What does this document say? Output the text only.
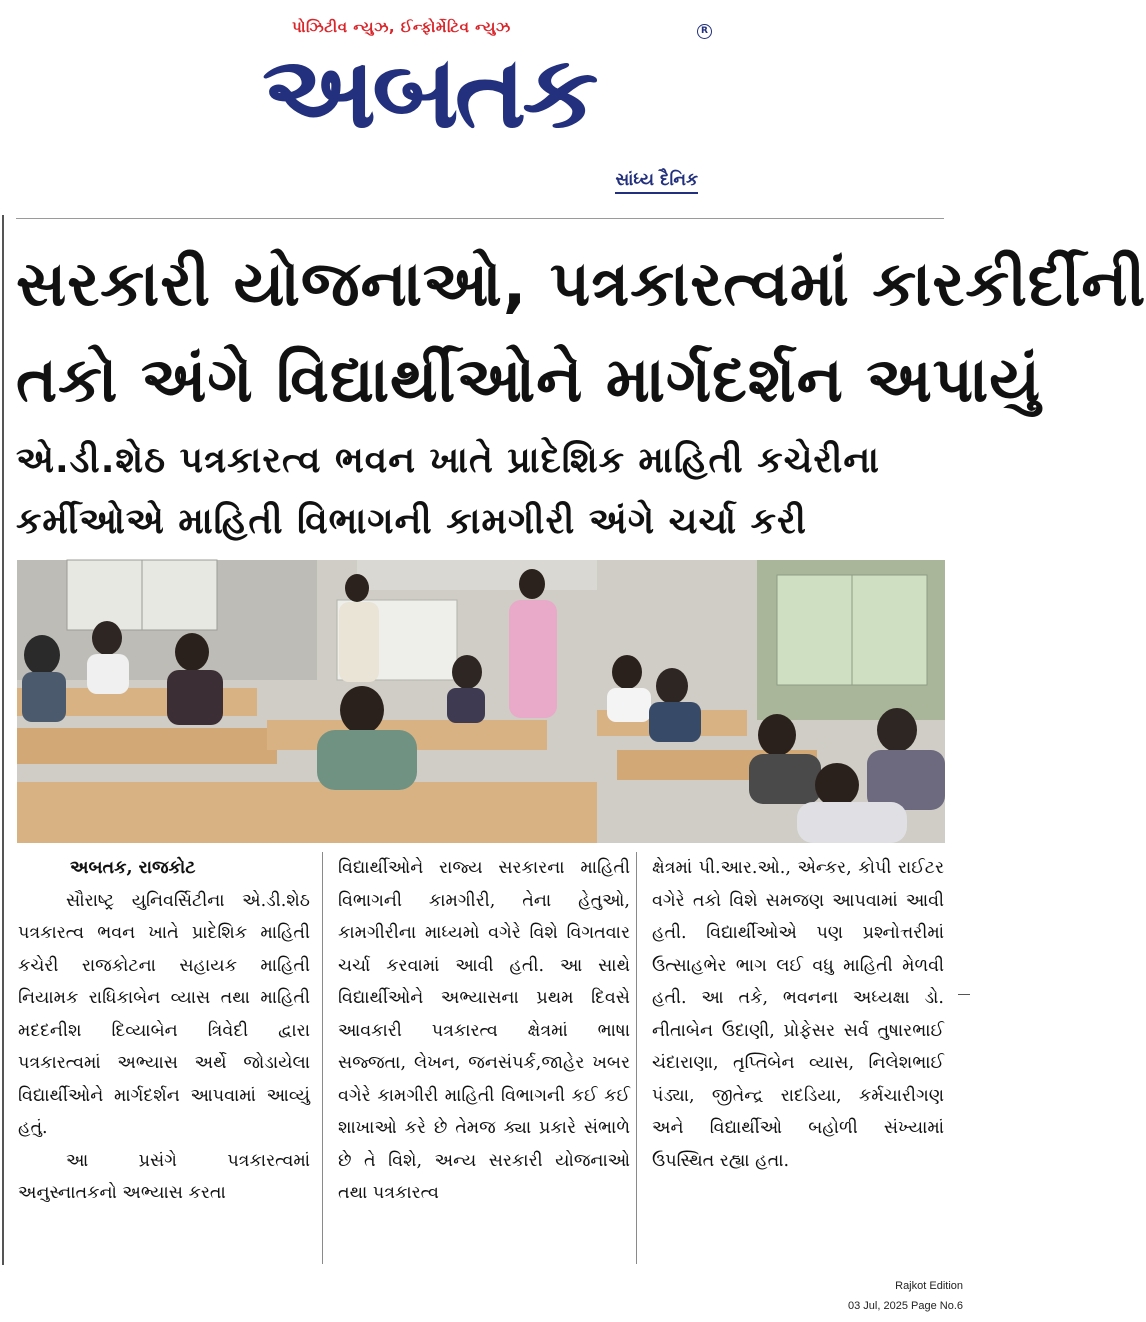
પોઝિટીવ ન્યુઝ, ઈન્ફોર્મેટિવ ન્યુઝ	R
અબતક
સાંધ્ય દૈનિક
સરકારી યોજનાઓ, પત્રકારત્વમાં કારકીર્દીની
તકો અંગે વિદ્યાર્થીઓને માર્ગદર્શન અપાયું
એ.ડી.શેઠ પત્રકારત્વ ભવન ખાતે પ્રાદેશિક માહિતી કચેરીના
કર્મીઓએ માહિતી વિભાગની કામગીરી અંગે ચર્ચા કરી
અબતક, રાજકોટ
સૌરાષ્ટ્ર યુનિવર્સિટીના એ.ડી.શેઠ પત્રકારત્વ ભવન ખાતે પ્રાદેશિક માહિતી કચેરી રાજકોટના સહાયક માહિતી નિયામક રાધિકાબેન વ્યાસ તથા માહિતી મદદનીશ દિવ્યાબેન ત્રિવેદી દ્વારા પત્રકારત્વમાં અભ્યાસ અર્થે જોડાયેલા વિદ્યાર્થીઓને માર્ગદર્શન આપવામાં આવ્યું હતું.
આ પ્રસંગે પત્રકારત્વમાં અનુસ્નાતકનો અભ્યાસ કરતા
વિદ્યાર્થીઓને રાજ્ય સરકારના માહિતી વિભાગની કામગીરી, તેના હેતુઓ, કામગીરીના માધ્યમો વગેરે વિશે વિગતવાર ચર્ચા કરવામાં આવી હતી. આ સાથે વિદ્યાર્થીઓને અભ્યાસના પ્રથમ દિવસે આવકારી પત્રકારત્વ ક્ષેત્રમાં ભાષા સજ્જતા, લેખન, જનસંપર્ક,જાહેર ખબર વગેરે કામગીરી માહિતી વિભાગની કઈ કઈ શાખાઓ કરે છે તેમજ ક્યા પ્રકારે સંભાળે છે તે વિશે, અન્ય સરકારી યોજનાઓ તથા પત્રકારત્વ
ક્ષેત્રમાં પી.આર.ઓ., એન્કર, કોપી રાઈટર વગેરે તકો વિશે સમજણ આપવામાં આવી હતી. વિદ્યાર્થીઓએ પણ પ્રશ્નોત્તરીમાં ઉત્સાહભેર ભાગ લઈ વધુ માહિતી મેળવી હતી. આ તકે, ભવનના અધ્યક્ષા ડો. નીતાબેન ઉદાણી, પ્રોફેસર સર્વ તુષારભાઈ ચંદારાણા, તૃપ્તિબેન વ્યાસ, નિલેશભાઈ પંડ્યા, જીતેન્દ્ર રાદડિયા, કર્મચારીગણ અને વિદ્યાર્થીઓ બહોળી સંખ્યામાં ઉપસ્થિત રહ્યા હતા.
Rajkot Edition
03 Jul, 2025 Page No.6
